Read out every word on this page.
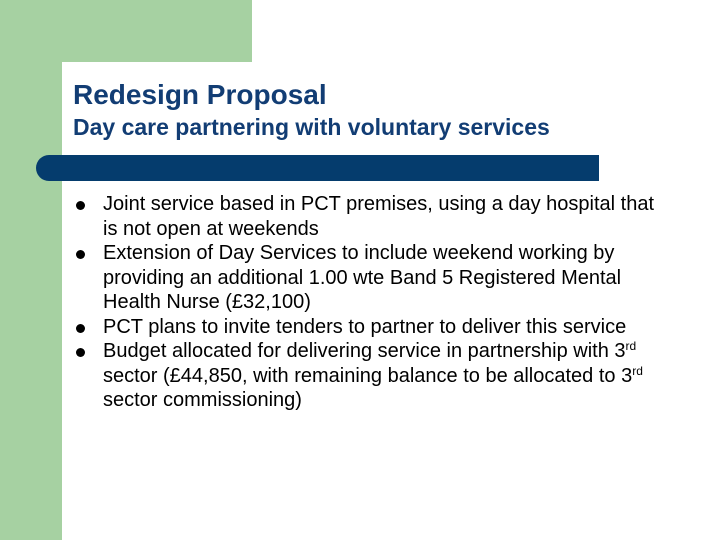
Redesign Proposal
Day care partnering with voluntary services
Joint service based in PCT premises, using a day hospital that is not open at weekends
Extension of Day Services to include weekend working by providing an additional 1.00 wte Band 5 Registered Mental Health Nurse (£32,100)
PCT plans to invite tenders to partner to deliver this service
Budget allocated for delivering service in partnership with 3rd sector (£44,850, with remaining balance to be allocated to 3rd sector commissioning)
